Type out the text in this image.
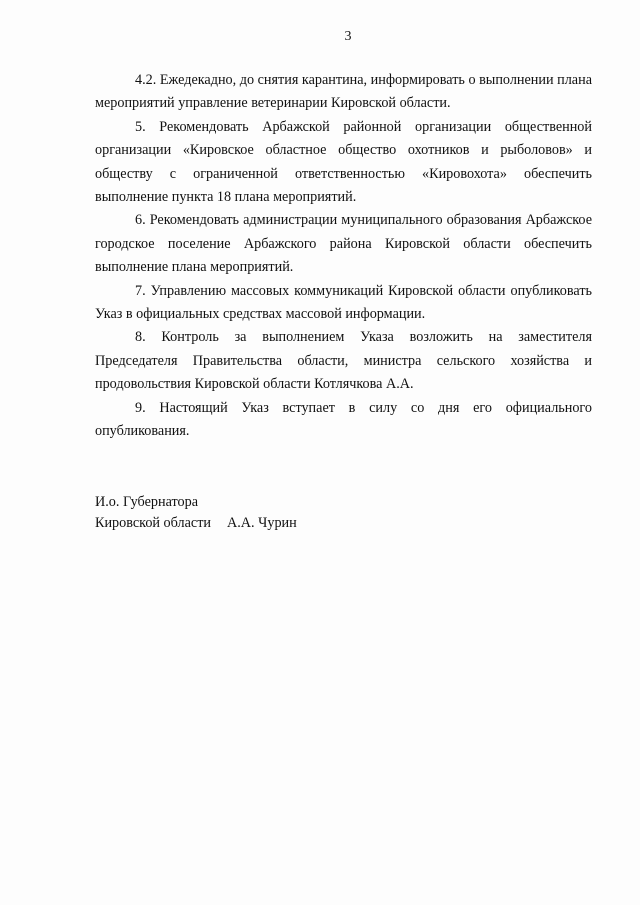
3

4.2. Ежедекадно, до снятия карантина, информировать о выполнении плана мероприятий управление ветеринарии Кировской области.

5. Рекомендовать Арбажской районной организации общественной организации «Кировское областное общество охотников и рыболовов» и обществу с ограниченной ответственностью «Кировохота» обеспечить выполнение пункта 18 плана мероприятий.

6. Рекомендовать администрации муниципального образования Арбажское городское поселение Арбажского района Кировской области обеспечить выполнение плана мероприятий.

7. Управлению массовых коммуникаций Кировской области опубликовать Указ в официальных средствах массовой информации.

8. Контроль за выполнением Указа возложить на заместителя Председателя Правительства области, министра сельского хозяйства и продовольствия Кировской области Котлячкова А.А.

9. Настоящий Указ вступает в силу со дня его официального опубликования.

И.о. Губернатора
Кировской области А.А. Чурин
